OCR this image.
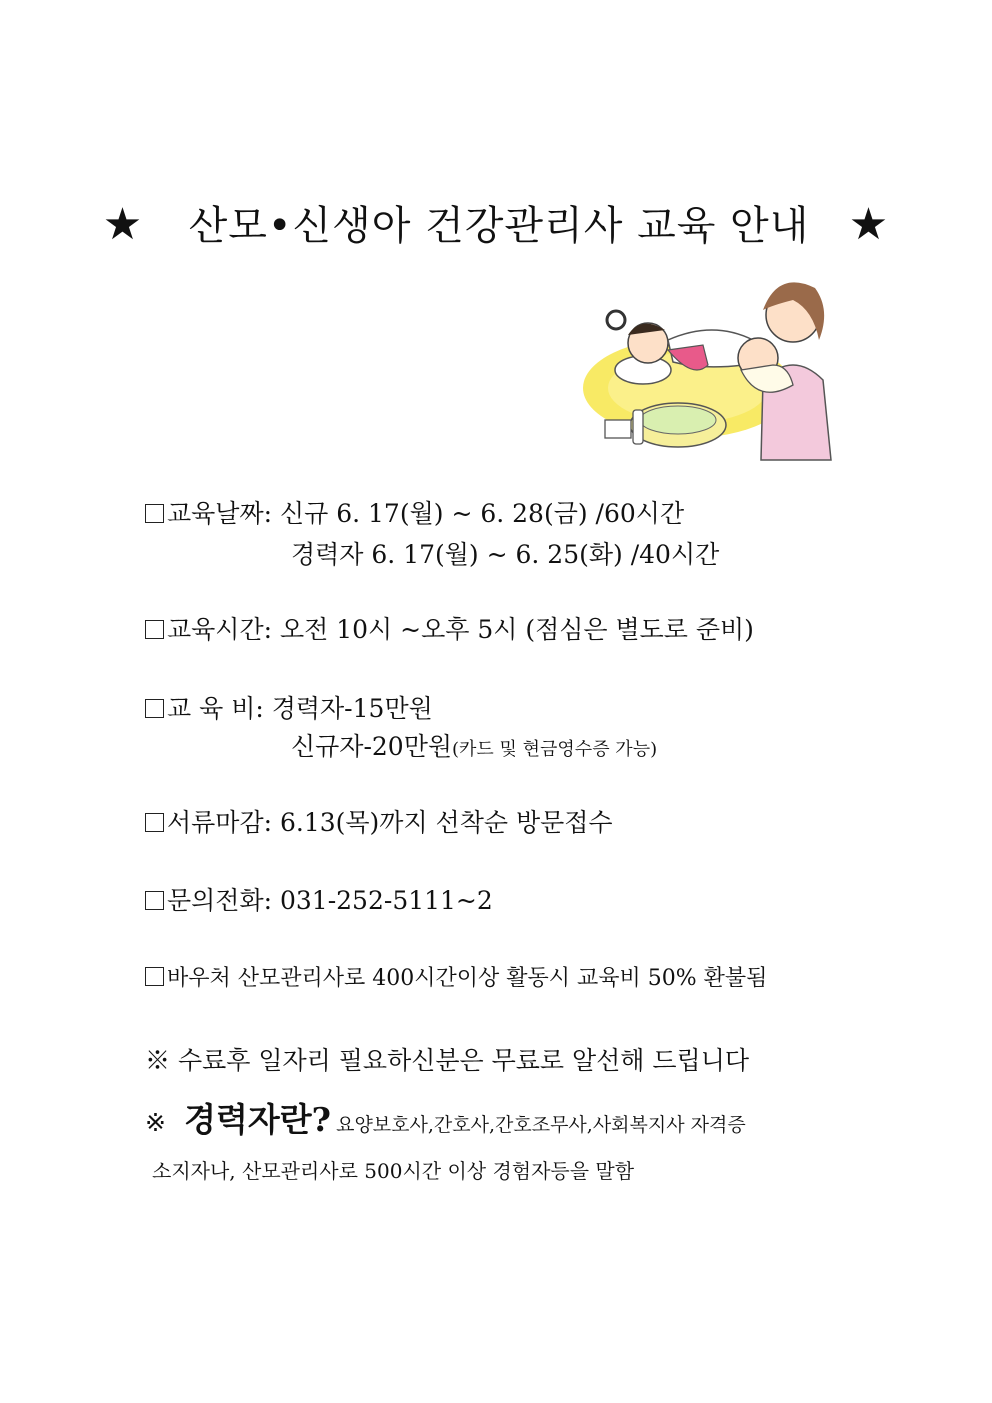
★ 산모•신생아 건강관리사 교육 안내 ★
교육날짜: 신규 6. 17(월) ~ 6. 28(금) /60시간
경력자 6. 17(월) ~ 6. 25(화) /40시간
교육시간: 오전 10시 ~오후 5시 (점심은 별도로 준비)
교 육 비: 경력자-15만원
신규자-20만원(카드 및 현금영수증 가능)
서류마감: 6.13(목)까지 선착순 방문접수
문의전화: 031-252-5111~2
바우처 산모관리사로 400시간이상 활동시 교육비 50% 환불됨
※ 수료후 일자리 필요하신분은 무료로 알선해 드립니다
※ 경력자란? 요양보호사,간호사,간호조무사,사회복지사 자격증
소지자나, 산모관리사로 500시간 이상 경험자등을 말함
